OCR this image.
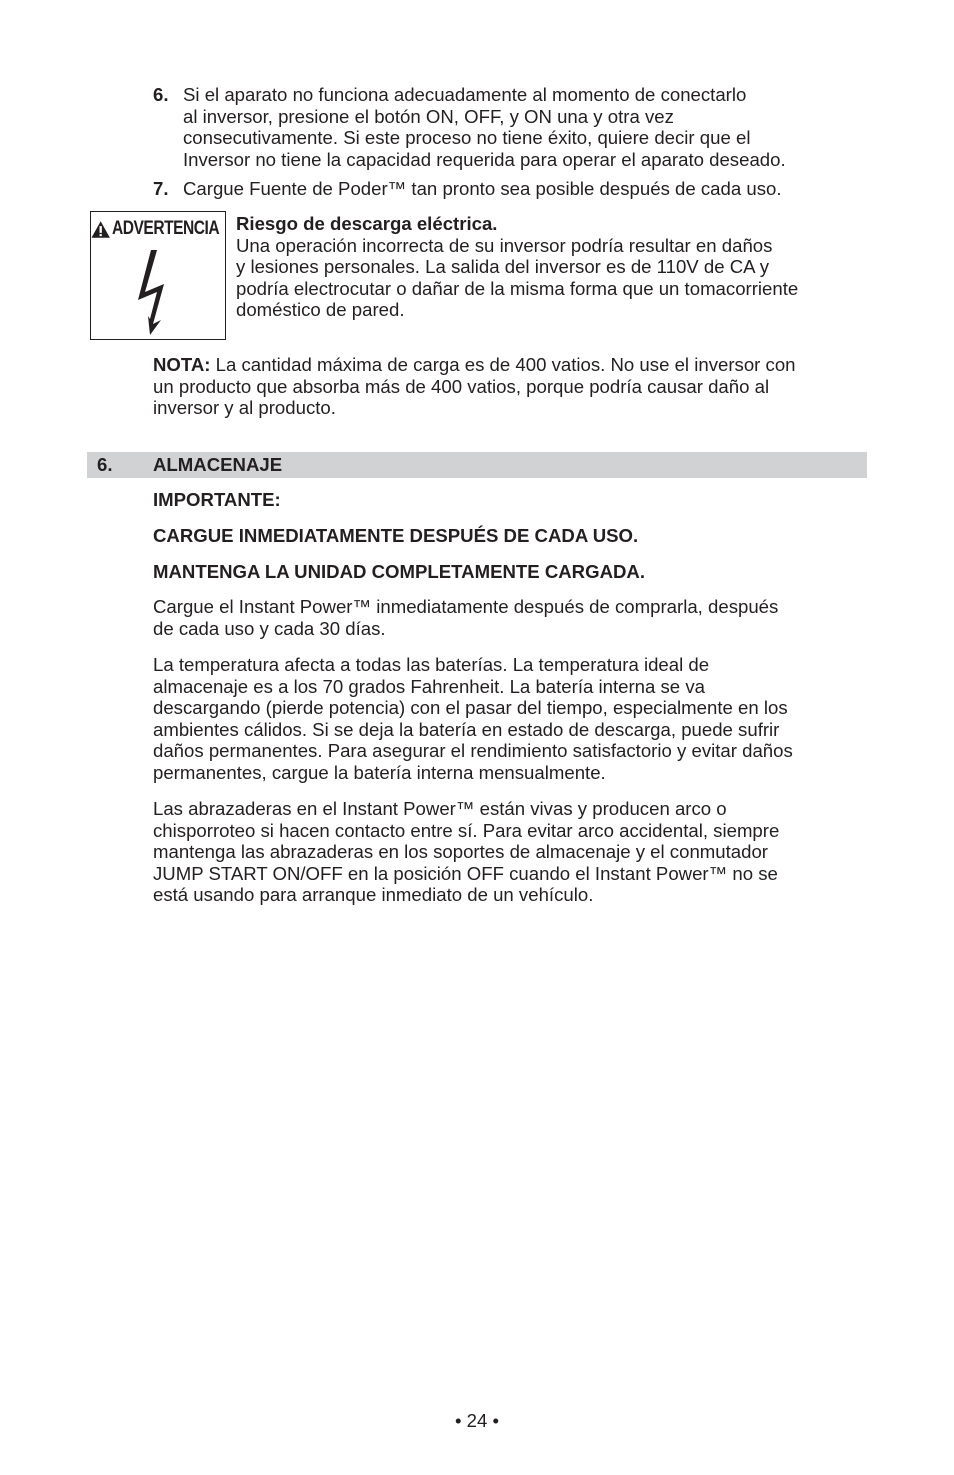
6. Si el aparato no funciona adecuadamente al momento de conectarlo

al inversor, presione el botón ON, OFF, y ON una y otra vez

consecutivamente. Si este proceso no tiene éxito, quiere decir que el

Inversor no tiene la capacidad requerida para operar el aparato deseado.

7. Cargue Fuente de Poder™ tan pronto sea posible después de cada uso.

ADVERTENCIA Riesgo de descarga eléctrica.

Una operación incorrecta de su inversor podría resultar en daños

y lesiones personales. La salida del inversor es de 110V de CA y

podría electrocutar o dañar de la misma forma que un tomacorriente

doméstico de pared.

NOTA: La cantidad máxima de carga es de 400 vatios. No use el inversor con

un producto que absorba más de 400 vatios, porque podría causar daño al

inversor y al producto.

6. ALMACENAJE

IMPORTANTE:

CARGUE INMEDIATAMENTE DESPUÉS DE CADA USO.

MANTENGA LA UNIDAD COMPLETAMENTE CARGADA.

Cargue el Instant Power™ inmediatamente después de comprarla, después

de cada uso y cada 30 días.

La temperatura afecta a todas las baterías. La temperatura ideal de

almacenaje es a los 70 grados Fahrenheit. La batería interna se va

descargando (pierde potencia) con el pasar del tiempo, especialmente en los

ambientes cálidos. Si se deja la batería en estado de descarga, puede sufrir

daños permanentes. Para asegurar el rendimiento satisfactorio y evitar daños

permanentes, cargue la batería interna mensualmente.

Las abrazaderas en el Instant Power™ están vivas y producen arco o

chisporroteo si hacen contacto entre sí. Para evitar arco accidental, siempre

mantenga las abrazaderas en los soportes de almacenaje y el conmutador

JUMP START ON/OFF en la posición OFF cuando el Instant Power™ no se

está usando para arranque inmediato de un vehículo.

• 24 •
